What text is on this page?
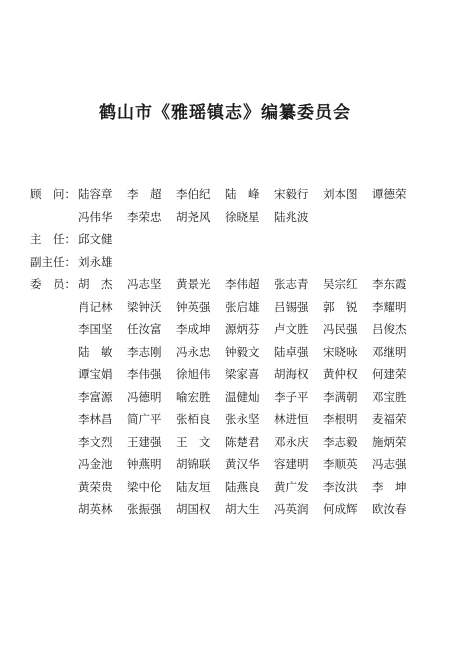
鹤山市《雅瑶镇志》编纂委员会
顾　问： 陆容章	李　超	李伯纪	陆　峰	宋毅行	刘本图	谭德荣
冯伟华	李荣忠	胡尧风	徐晓星	陆兆波
主　任： 邱文健
副主任： 刘永雄
委　员： 胡　杰	冯志坚	黄景光	李伟超	张志青	吴宗红	李东霞
肖记林	梁钟沃	钟英强	张启雄	吕锡强	郭　锐	李耀明
李国坚	任汝富	李成坤	源炳芬	卢文胜	冯民强	吕俊杰
陆　敏	李志刚	冯永忠	钟毅文	陆卓强	宋晓咏	邓继明
谭宝娟	李伟强	徐旭伟	梁家喜	胡海权	黄仲权	何建荣
李富源	冯德明	喻宏胜	温健灿	李子平	李满朝	邓宝胜
李林昌	简广平	张栢良	张永坚	林进恒	李根明	麦福荣
李文烈	王建强	王　文	陈楚君	邓永庆	李志毅	施炳荣
冯金池	钟燕明	胡锦联	黄汉华	容建明	李顺英	冯志强
黄荣贵	梁中伦	陆友垣	陆燕良	黄广发	李汝洪	李　坤
胡英林	张振强	胡国权	胡大生	冯英润	何成辉	欧汝春
